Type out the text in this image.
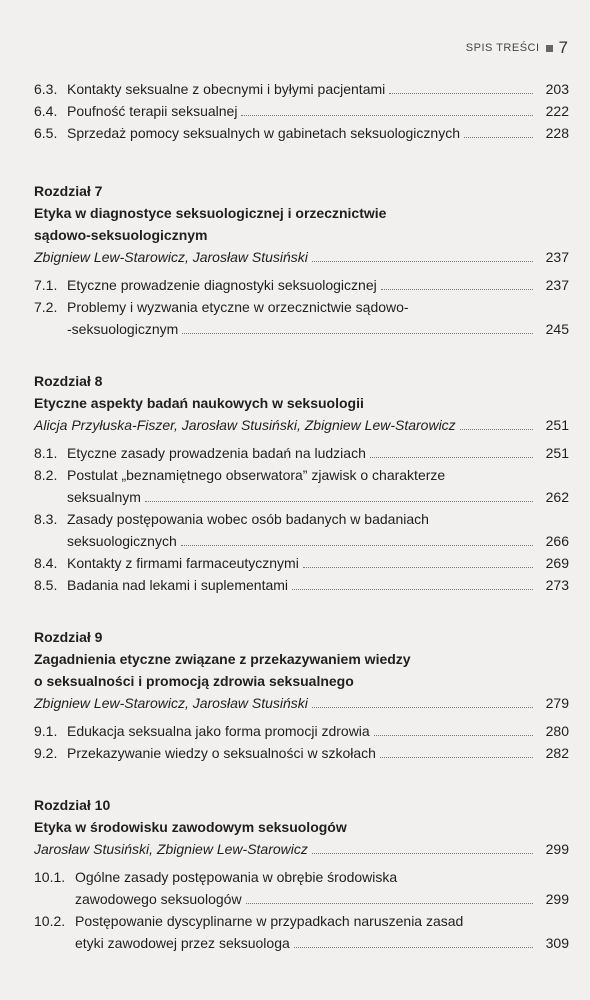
SPIS TREŚCI 7
6.3. Kontakty seksualne z obecnymi i byłymi pacjentami	203
6.4. Poufność terapii seksualnej	222
6.5. Sprzedaż pomocy seksualnych w gabinetach seksuologicznych	228
Rozdział 7
Etyka w diagnostyce seksuologicznej i orzecznictwie
sądowo-seksuologicznym
Zbigniew Lew-Starowicz, Jarosław Stusiński	237
7.1. Etyczne prowadzenie diagnostyki seksuologicznej	237
7.2. Problemy i wyzwania etyczne w orzecznictwie sądowo-
-seksuologicznym	245
Rozdział 8
Etyczne aspekty badań naukowych w seksuologii
Alicja Przyłuska-Fiszer, Jarosław Stusiński, Zbigniew Lew-Starowicz	251
8.1. Etyczne zasady prowadzenia badań na ludziach	251
8.2. Postulat „beznamiętnego obserwatora” zjawisk o charakterze
seksualnym	262
8.3. Zasady postępowania wobec osób badanych w badaniach
seksuologicznych	266
8.4. Kontakty z firmami farmaceutycznymi	269
8.5. Badania nad lekami i suplementami	273
Rozdział 9
Zagadnienia etyczne związane z przekazywaniem wiedzy
o seksualności i promocją zdrowia seksualnego
Zbigniew Lew-Starowicz, Jarosław Stusiński	279
9.1. Edukacja seksualna jako forma promocji zdrowia	280
9.2. Przekazywanie wiedzy o seksualności w szkołach	282
Rozdział 10
Etyka w środowisku zawodowym seksuologów
Jarosław Stusiński, Zbigniew Lew-Starowicz	299
10.1. Ogólne zasady postępowania w obrębie środowiska
zawodowego seksuologów	299
10.2. Postępowanie dyscyplinarne w przypadkach naruszenia zasad
etyki zawodowej przez seksuologa	309
